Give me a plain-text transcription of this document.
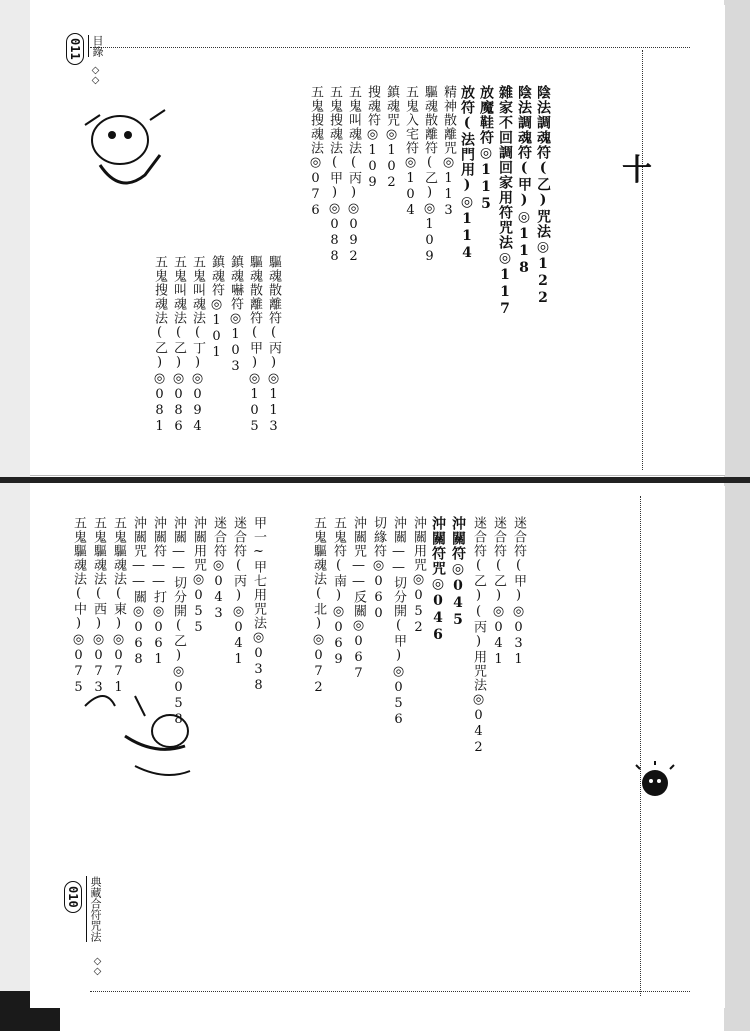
011 目錄
◇◇
十
陰法調魂符(乙)咒法◎122
陰法調魂符(甲)◎118
雜家不回調回家用符咒法◎117
放魔鞋符◎115
放符(法門用)◎114
精神散離咒◎113
驅魂散離符(乙)◎109
五鬼入宅符◎104
鎮魂咒◎102
搜魂符◎109
五鬼叫魂法(丙)◎092
五鬼搜魂法(甲)◎088
五鬼搜魂法◎076
驅魂散離符(丙)◎113
驅魂散離符(甲)◎105
鎮魂嚇符◎103
鎮魂符◎101
五鬼叫魂法(丁)◎094
五鬼叫魂法(乙)◎086
五鬼搜魂法(乙)◎081
010 典藏合符咒法
◇◇
迷合符(甲)◎031
迷合符(乙)◎041
迷合符(乙)(丙)用咒法◎042
沖關符◎045
沖關符咒◎046
沖關用咒◎052
沖關——切分開(甲)◎056
切緣符◎060
沖關咒——反關◎067
五鬼符(南)◎069
五鬼驅魂法(北)◎072
甲一~甲七用咒法◎038
迷合符(丙)◎041
迷合符◎043
沖關用咒◎055
沖關——切分開(乙)◎058
沖關符——打◎061
沖關咒——關◎068
五鬼驅魂法(東)◎071
五鬼驅魂法(西)◎073
五鬼驅魂法(中)◎075
